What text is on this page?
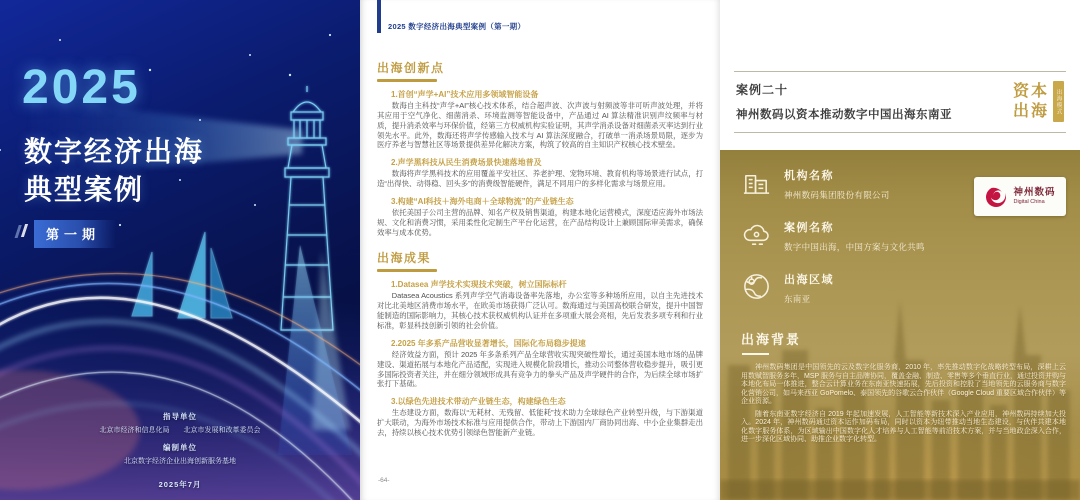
2025
数字经济出海
典型案例
第一期
指导单位
北京市经济和信息化局 北京市发展和改革委员会
编制单位
北京数字经济企业出海创新服务基地
2025年7月
2025 数字经济出海典型案例（第一期）
出海创新点
1.首创“声学+AI”技术应用多领域智能设备

数海自主科技“声学+AI”核心技术体系，结合超声波、次声波与射频波等非可听声波处理，并将其应用于空气净化、细菌消杀、环境监测等智能设备中，产品通过 AI 算法精准识别声纹频率与材质，提升消杀效率与环保价值，经第三方权威机构实验证明，其声学消杀设备对细菌杀灭率达到行业领先水平。此外，数海还将声学传感输入技术与 AI 算法深度融合，打破单一消杀场景局限，逐步为医疗养老与智慧社区等场景提供差异化解决方案，构筑了较高的自主知识产权核心技术壁垒。

2.声学黑科技从民生消费场景快速落地普及

数海将声学黑科技术的应用覆盖平安社区、养老护理、宠物环境、教育机构等场景进行试点，打造“出得快、动得稳、回头多”的消费级智能硬件，满足不同用户的多样化需求与场景应用。

3.构建“AI科技＋海外电商＋全球物流”的产业链生态

依托美国子公司主营的品牌、知名产权及销售渠道，构建本地化运营模式，深度适应海外市场法规、文化和消费习惯，采用柔性化定制生产平台化运营，在产品结构设计上兼顾国际审美需求，确保效率与成本优势。

出海成果
1.Datasea 声学技术实现技术突破，树立国际标杆

Datasea Acoustics 系列声学空气消毒设备率先落地，办公室等多种场所应用，以自主先进技术对比北美地区消费市场水平，在欧美市场获得广泛认可。数海通过与美国高校联合研发，提升中国智能制造的国际影响力，其核心技术获权威机构认证并在多项重大展会亮相，先后发表多项专利和行业标准，彰显科技创新引领的社会价值。

2.2025 年多系产品营收显著增长，国际化布局稳步提速

经济效益方面，预计 2025 年多条系列产品全球营收实现突破性增长，通过美国本地市场的品牌建设、渠道拓展与本地化产品适配，实现进入规模化阶段增长，推动公司整体营收稳步提升，吸引更多国际投资者关注，并在细分领域形成具有竞争力的拳头产品及声学硬件的合作，为后续全球市场扩张打下基础。

3.以绿色先进技术带动产业链生态，构建绿色生态

生态建设方面，数海以“无耗材、无残留、低能耗”技术助力全球绿色产业转型升级，与下游渠道扩大联动，为海外市场技术标准与应用提供合作，带动上下游国内厂商协同出海、中小企业集群走出去，持续以核心技术优势引领绿色智能新产业链。

-64-
案例二十
神州数码以资本推动数字中国出海东南亚
资本
出海	出海模式
机构名称
神州数码集团股份有限公司
案例名称
数字中国出海，中国方案与文化共鸣
出海区域
东南亚
神州数码
Digital China
出海背景

神州数码集团是中国领先的云及数字化服务商，2010 年，率先推动数字化战略转型布局，深耕上云用数赋智服务多年，MSP 服务与自主品牌协同，覆盖金融、制造、零售等多个垂直行业，通过投资并购与本地化布局一体推进，整合云计算业务在东南亚快速拓展，先后投资和控股了当地领先的云服务商与数字化营销公司，如马来西亚 GoPomelo、泰国领先的谷歌云合作伙伴（Google Cloud 重要区域合作伙伴）等企业资源。

随着东南亚数字经济自 2019 年起加速发展，人工智能等新技术深入产业应用，神州数码持续加大投入。2024 年，神州数码通过资本运作加码布局，同时以资本为纽带推动当地生态建设，与伙伴共建本地化数字服务体系，为区域输出中国数字化人才培养与人工智能等前沿技术方案，并与当地政企深入合作，进一步深化区域协同、助推企业数字化转型。
